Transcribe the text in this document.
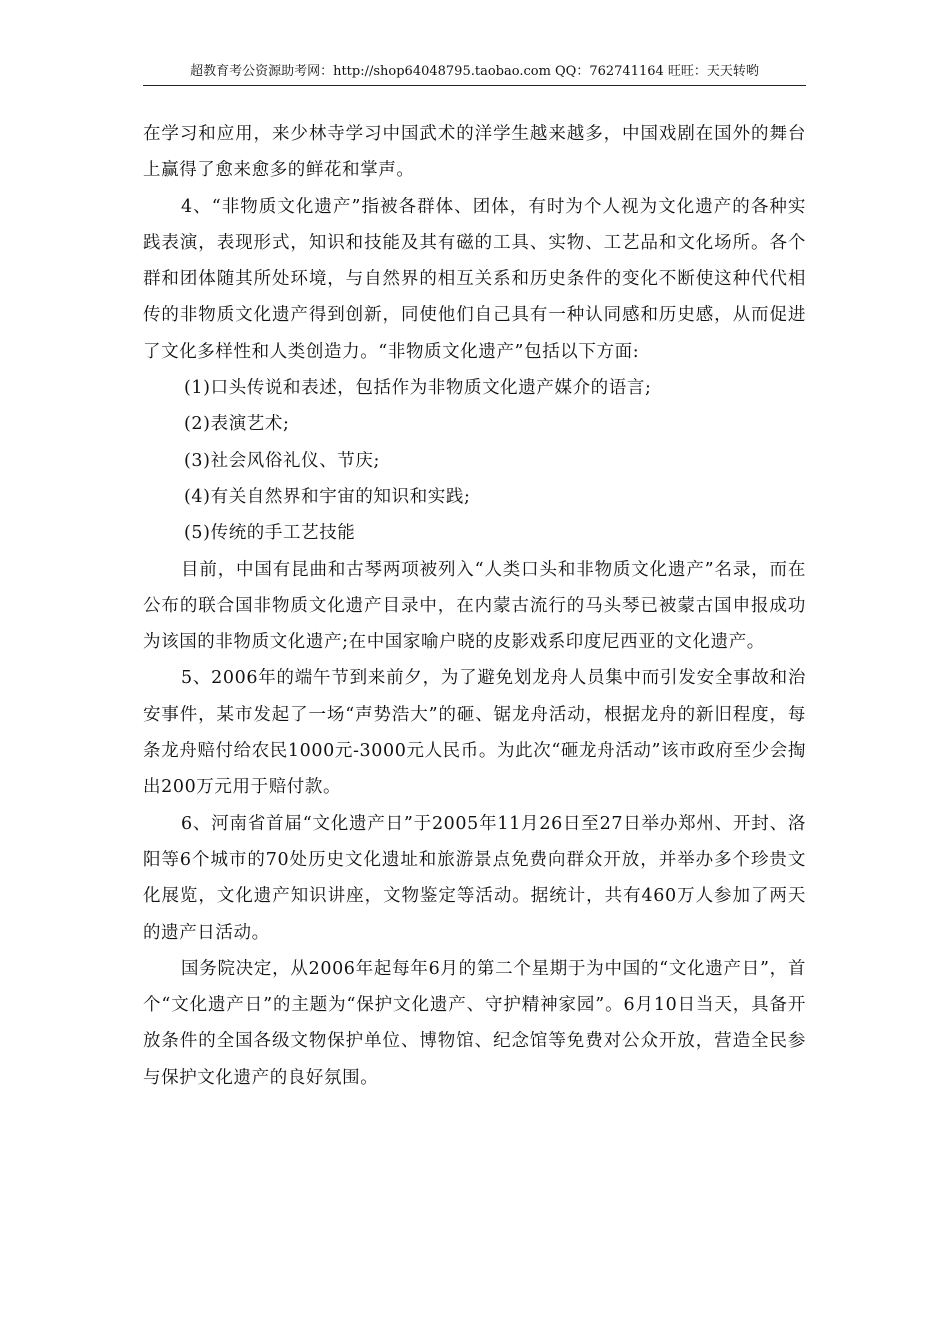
超教育考公资源助考网：http://shop64048795.taobao.com QQ：762741164 旺旺：天天转哟

在学习和应用，来少林寺学习中国武术的洋学生越来越多，中国戏剧在国外的舞台上赢得了愈来愈多的鲜花和掌声。

4、“非物质文化遗产”指被各群体、团体，有时为个人视为文化遗产的各种实践表演，表现形式，知识和技能及其有磁的工具、实物、工艺品和文化场所。各个群和团体随其所处环境，与自然界的相互关系和历史条件的变化不断使这种代代相传的非物质文化遗产得到创新，同使他们自己具有一种认同感和历史感，从而促进了文化多样性和人类创造力。“非物质文化遗产”包括以下方面:

(1)口头传说和表述，包括作为非物质文化遗产媒介的语言;

(2)表演艺术;

(3)社会风俗礼仪、节庆;

(4)有关自然界和宇宙的知识和实践;

(5)传统的手工艺技能

目前，中国有昆曲和古琴两项被列入“人类口头和非物质文化遗产”名录，而在公布的联合国非物质文化遗产目录中，在内蒙古流行的马头琴已被蒙古国申报成功为该国的非物质文化遗产;在中国家喻户晓的皮影戏系印度尼西亚的文化遗产。

5、2006年的端午节到来前夕，为了避免划龙舟人员集中而引发安全事故和治安事件，某市发起了一场“声势浩大”的砸、锯龙舟活动，根据龙舟的新旧程度，每条龙舟赔付给农民1000元-3000元人民币。为此次“砸龙舟活动”该市政府至少会掏出200万元用于赔付款。

6、河南省首届“文化遗产日”于2005年11月26日至27日举办郑州、开封、洛阳等6个城市的70处历史文化遗址和旅游景点免费向群众开放，并举办多个珍贵文化展览，文化遗产知识讲座，文物鉴定等活动。据统计，共有460万人参加了两天的遗产日活动。

国务院决定，从2006年起每年6月的第二个星期于为中国的“文化遗产日”，首个“文化遗产日”的主题为“保护文化遗产、守护精神家园”。6月10日当天，具备开放条件的全国各级文物保护单位、博物馆、纪念馆等免费对公众开放，营造全民参与保护文化遗产的良好氛围。
